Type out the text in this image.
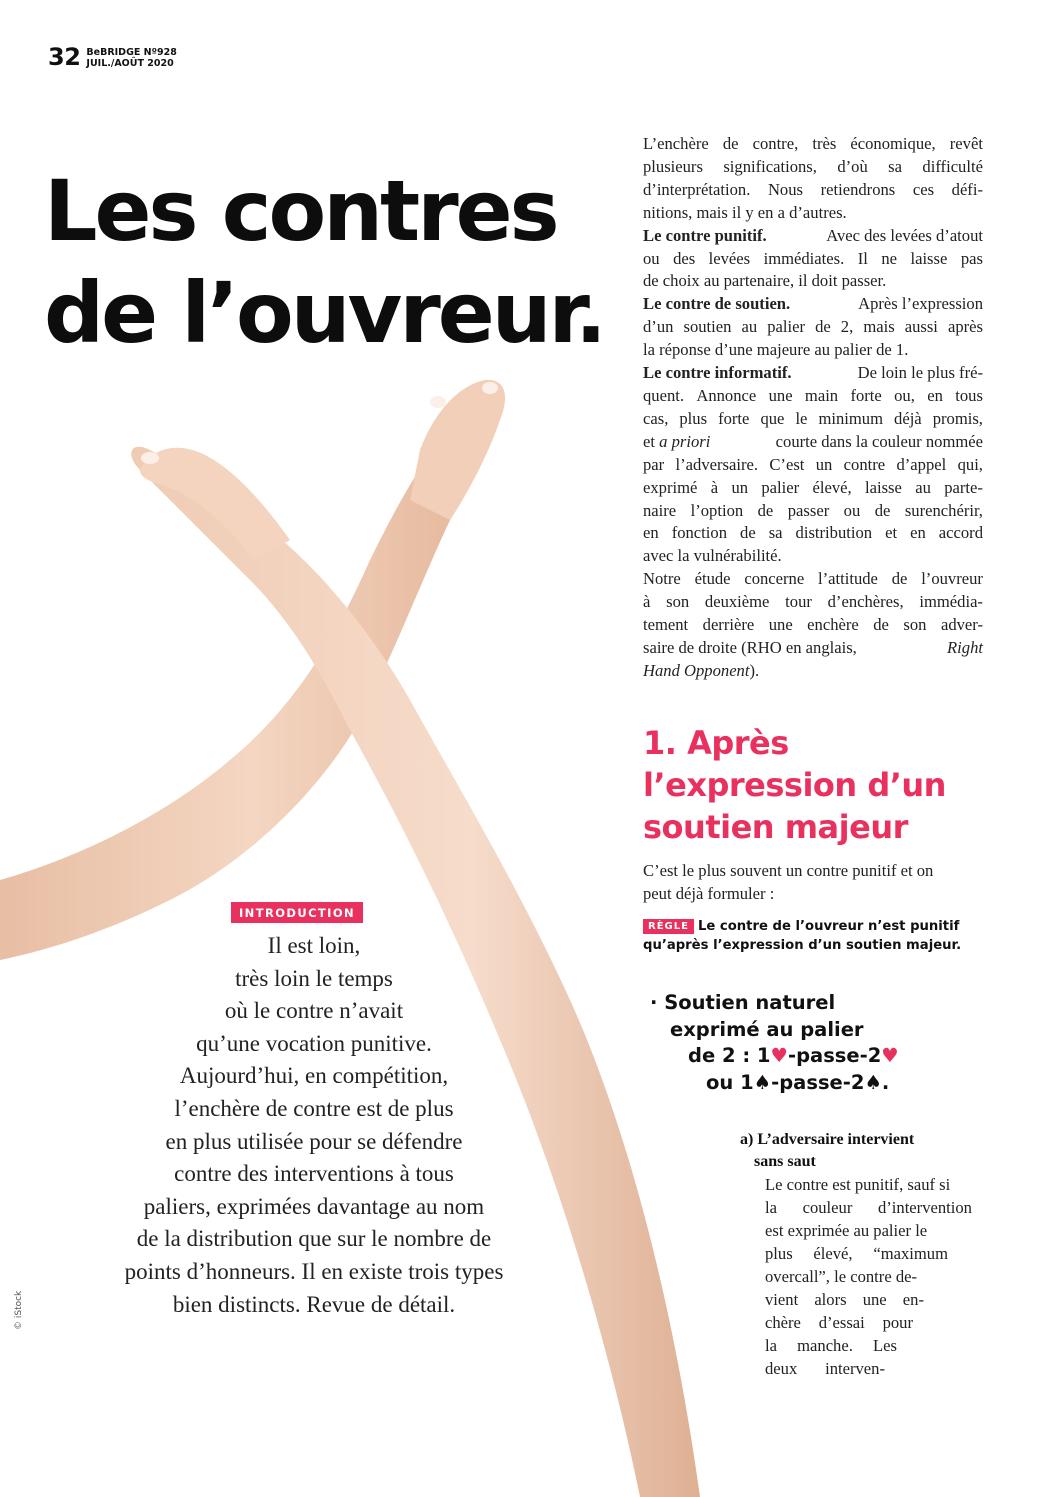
32 BeBRIDGE Nº928
JUIL./AOÛT 2020
Les contres
de l’ouvreur.
© iStock
INTRODUCTION
Il est loin,
très loin le temps
où le contre n’avait
qu’une vocation punitive.
Aujourd’hui, en compétition,
l’enchère de contre est de plus
en plus utilisée pour se défendre
contre des interventions à tous
paliers, exprimées davantage au nom
de la distribution que sur le nombre de
points d’honneurs. Il en existe trois types
bien distincts. Revue de détail.
L’enchère de contre, très économique, revêt
plusieurs significations, d’où sa difficulté
d’interprétation. Nous retiendrons ces défi-
nitions, mais il y en a d’autres.
Le contre punitif.	Avec des levées d’atout
ou des levées immédiates. Il ne laisse pas
de choix au partenaire, il doit passer.
Le contre de soutien.	Après l’expression
d’un soutien au palier de 2, mais aussi après
la réponse d’une majeure au palier de 1.
Le contre informatif.	De loin le plus fré-
quent. Annonce une main forte ou, en tous
cas, plus forte que le minimum déjà promis,
et a priori	courte dans la couleur nommée
par l’adversaire. C’est un contre d’appel qui,
exprimé à un palier élevé, laisse au parte-
naire l’option de passer ou de surenchérir,
en fonction de sa distribution et en accord
avec la vulnérabilité.
Notre étude concerne l’attitude de l’ouvreur
à son deuxième tour d’enchères, immédia-
tement derrière une enchère de son adver-
saire de droite (RHO en anglais,	Right
Hand Opponent ).
1. Après
l’expression d’un
soutien majeur
C’est le plus souvent un contre punitif et on
peut déjà formuler :
RÈGLE Le contre de l’ouvreur n’est punitif
qu’après l’expression d’un soutien majeur.
· Soutien naturel
exprimé au palier
de 2 : 1♥-passe-2♥
ou 1♠-passe-2♠.
a) L’adversaire intervient
sans saut
Le contre est punitif, sauf si
la couleur d’intervention
est exprimée au palier le
plus élevé, “maximum
overcall”, le contre de-
vient alors une en-
chère d’essai pour
la manche. Les
deux interven-
